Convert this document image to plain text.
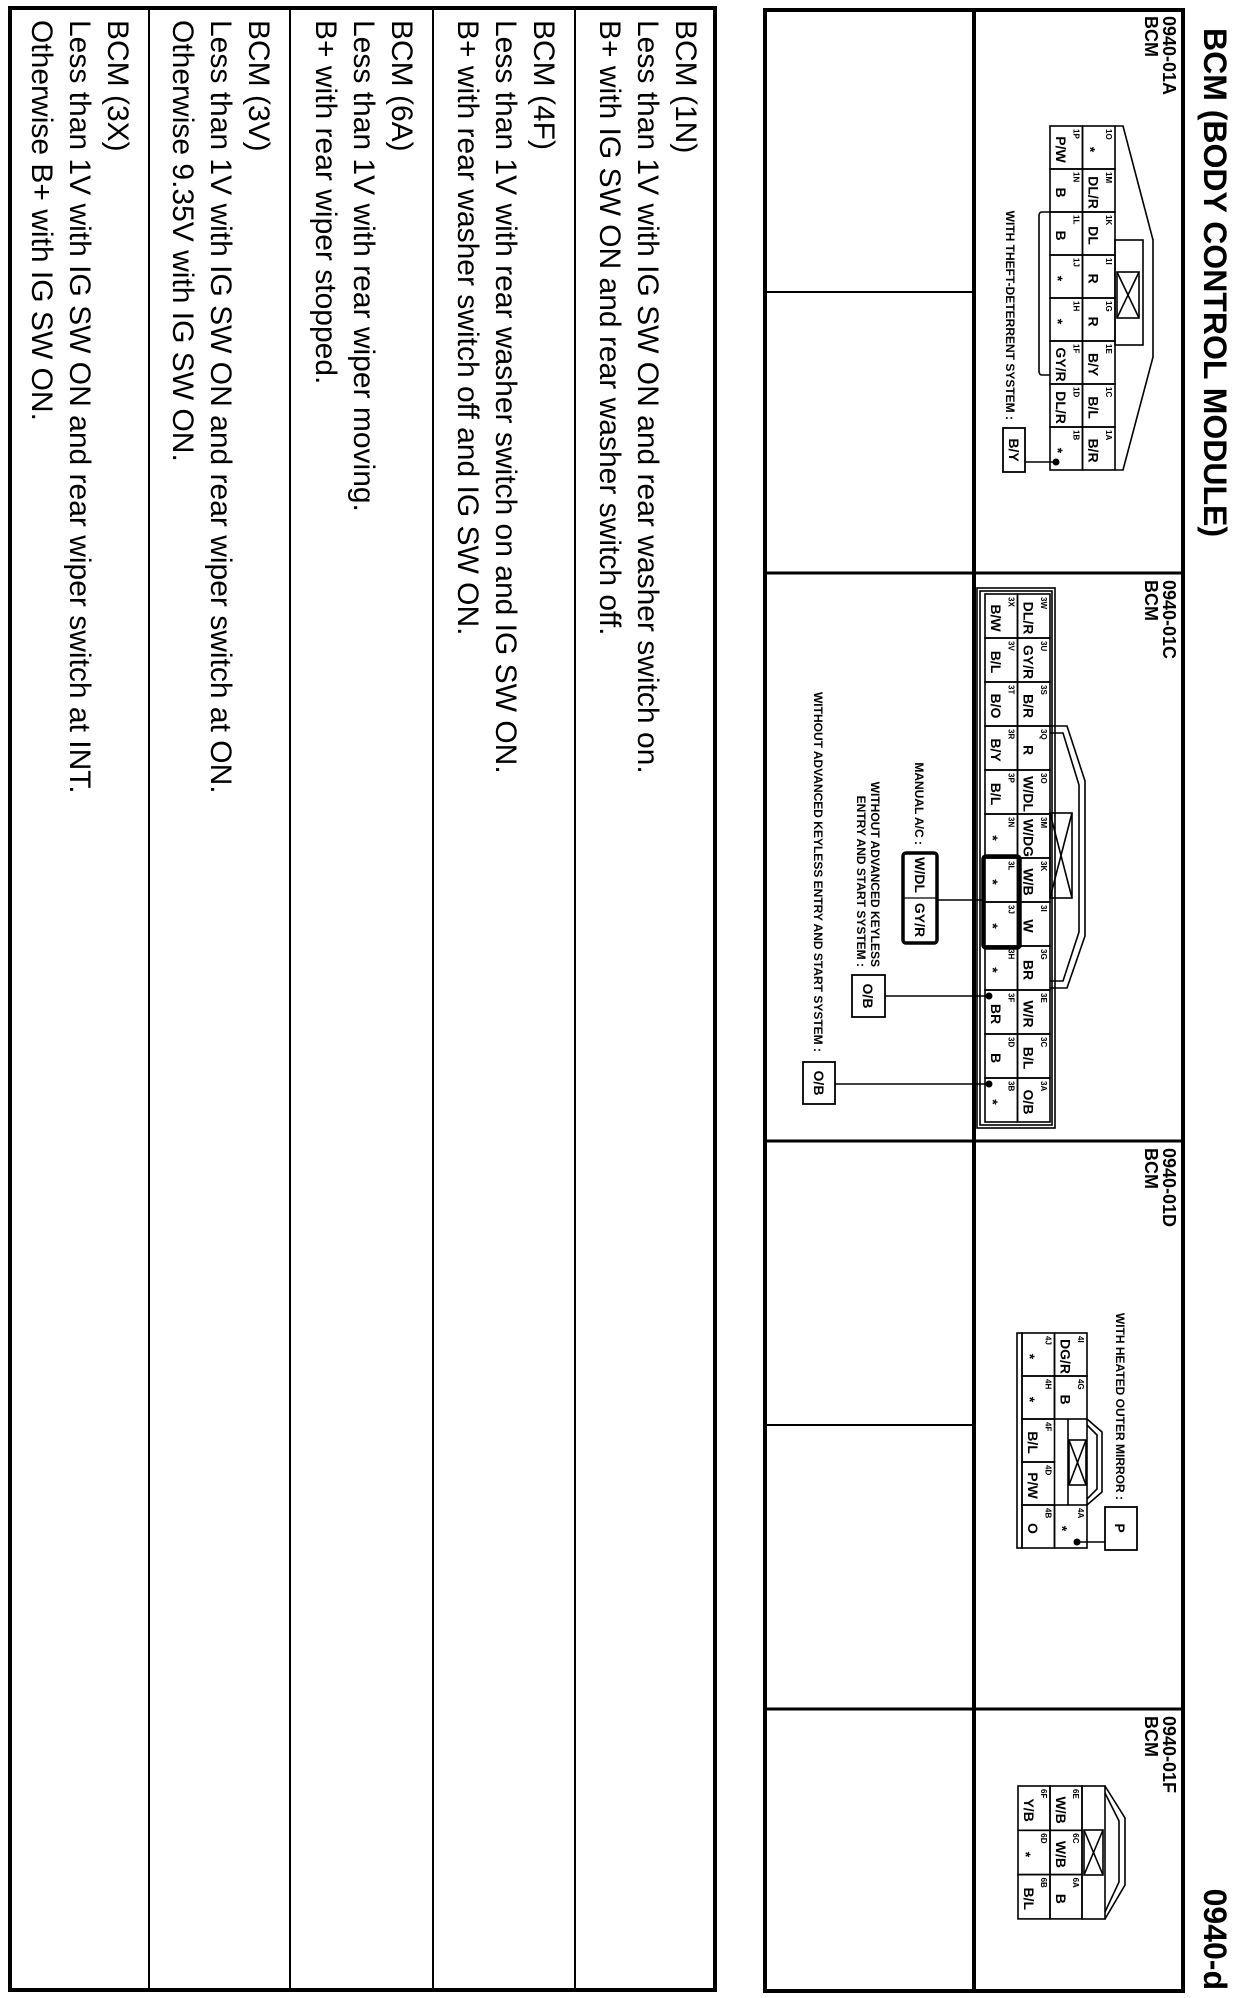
1O
*
1M
DL/R
1K
DL
1I
R
1G
R
1E
B/Y
1C
B/L
1A
B/R
1P
P/W
1N
B
1L
B
1J
*
1H
*
1F
GY/R
1D
DL/R
1B
*
3W
DL/R
3U
GY/R
3S
B/R
3Q
R
3O
W/DL
3M
W/DG
3K
W/B
3I
W
3G
BR
3E
W/R
3C
B/L
3A
O/B
3X
B/W
3V
B/L
3T
B/O
3R
B/Y
3P
B/L
3N
*
3L
*
3J
*
3H
*
3F
BR
3D
B
3B
*
4I
DG/R
4G
B
4A
*
4J
*
4H
*
4F
B/L
4D
P/W
4B
O
6E
W/B
6C
W/B
6A
B
6F
Y/B
6D
*
6B
B/L
WITH THEFT-DETERRENT SYSTEM :
B/Y
MANUAL A/C :
W/DL
GY/R
WITHOUT ADVANCED KEYLESS
ENTRY AND START SYSTEM :
O/B
WITHOUT ADVANCED KEYLESS ENTRY AND START SYSTEM :
O/B
WITH HEATED OUTER MIRROR :
P
BCM (BODY CONTROL MODULE)
0940-d
0940-01A
BCM
0940-01C
BCM
0940-01D
BCM
0940-01F
BCM
BCM (1N)
Less than 1V with IG SW ON and rear washer switch on.
B+ with IG SW ON and rear washer switch off.
BCM (4F)
Less than 1V with rear washer switch on and IG SW ON.
B+ with rear washer switch off and IG SW ON.
BCM (6A)
Less than 1V with rear wiper moving.
B+ with rear wiper stopped.
BCM (3V)
Less than 1V with IG SW ON and rear wiper switch at ON.
Otherwise 9.35V with IG SW ON.
BCM (3X)
Less than 1V with IG SW ON and rear wiper switch at INT.
Otherwise B+ with IG SW ON.
